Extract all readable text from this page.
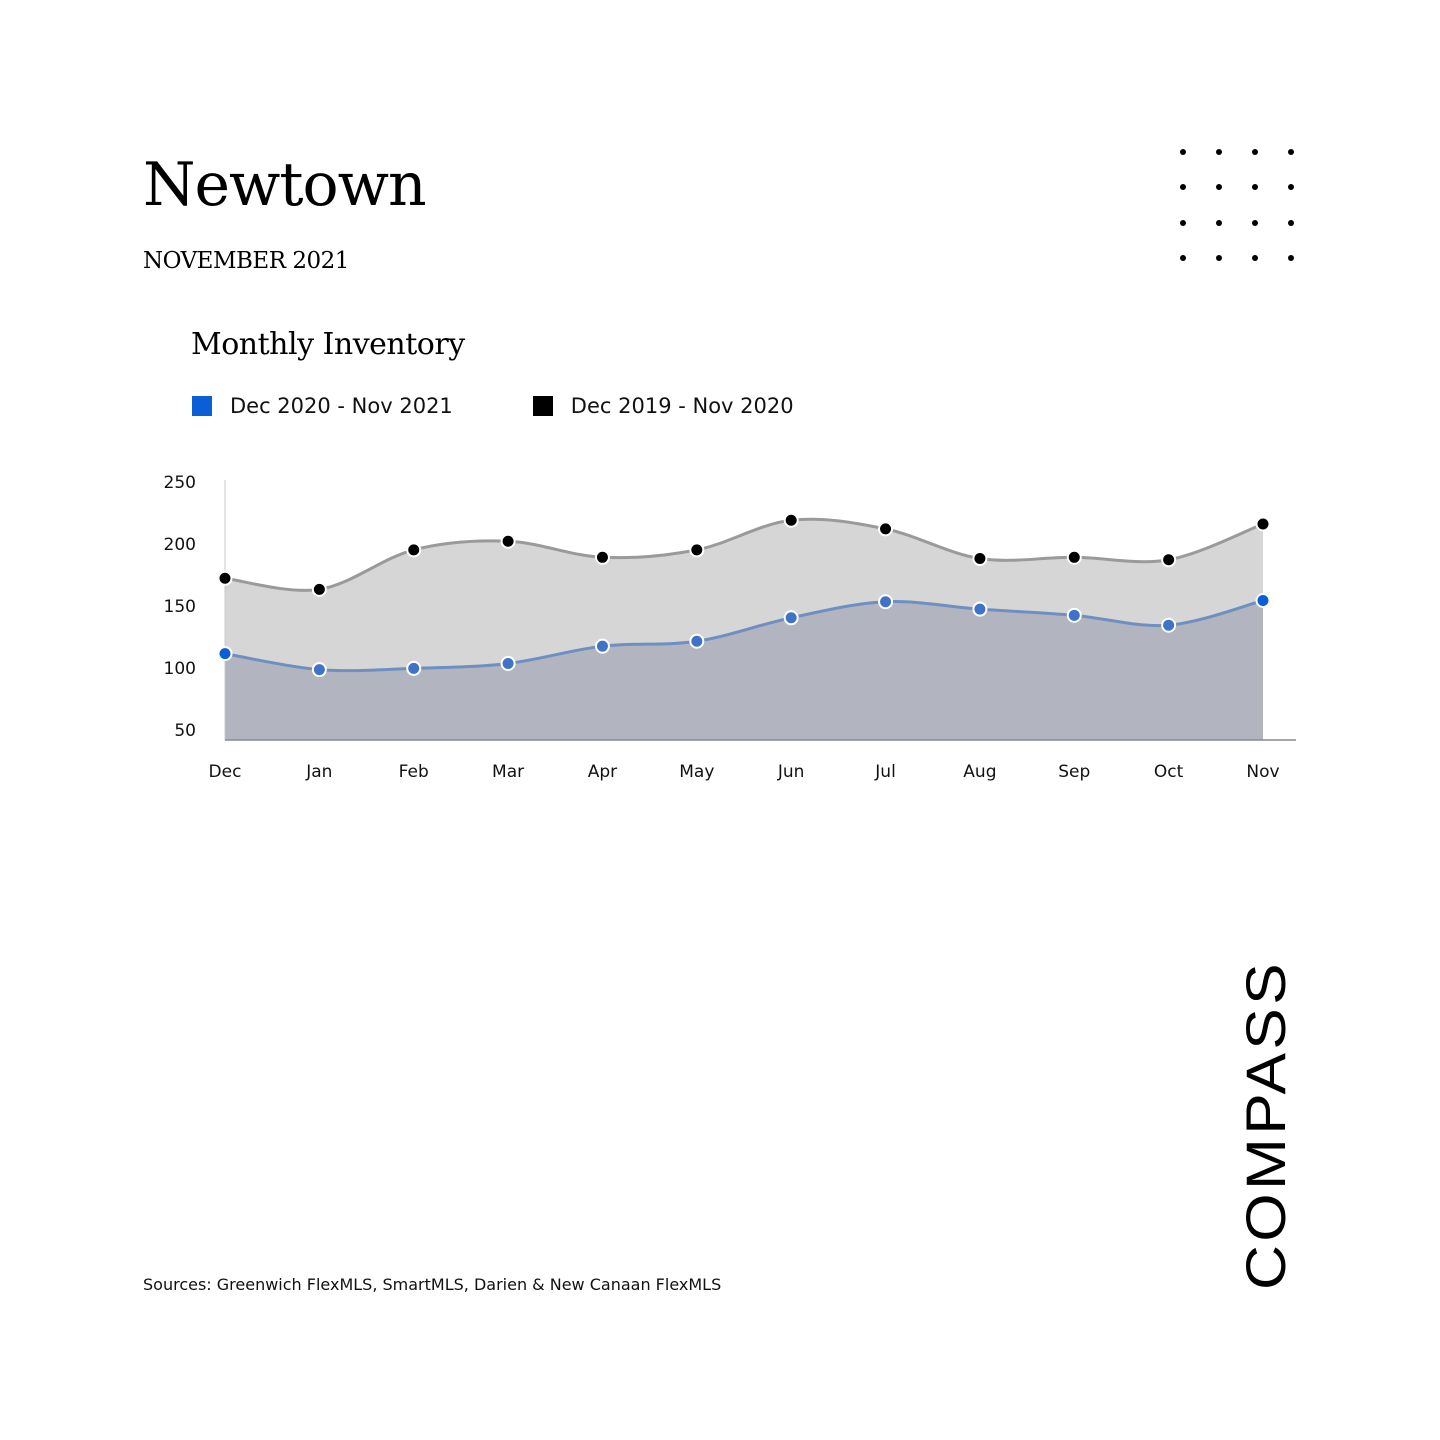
Newtown
NOVEMBER 2021
Monthly Inventory
Dec 2020 - Nov 2021	Dec 2019 - Nov 2020
50
100
150
200
250
Dec	Jan	Feb	Mar	Apr	May	Jun	Jul	Aug	Sep	Oct	Nov
Sources: Greenwich FlexMLS, SmartMLS, Darien & New Canaan FlexMLS	COMPASS
